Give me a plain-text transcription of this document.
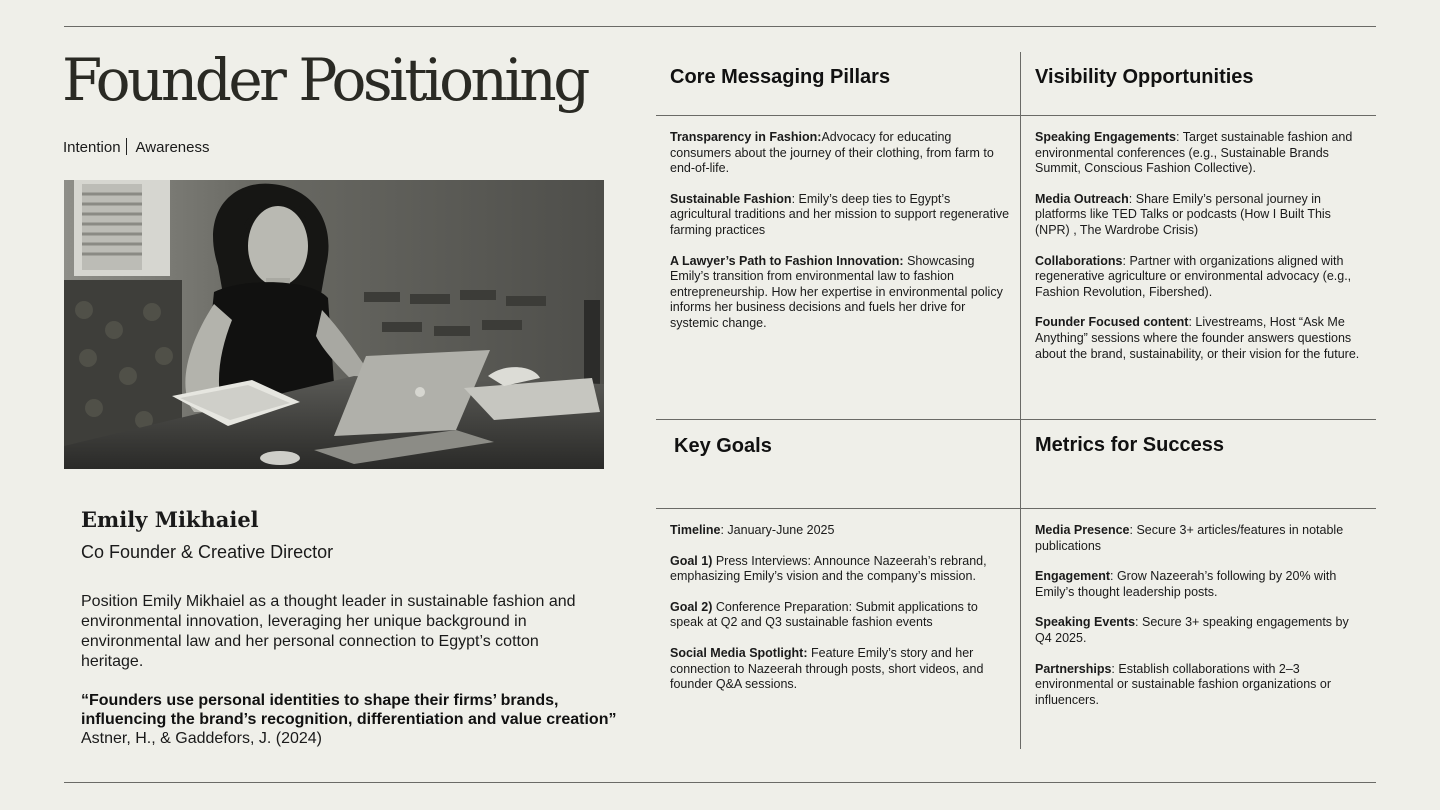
Founder Positioning
Intention Awareness
Emily Mikhaiel
Co Founder & Creative Director

Position Emily Mikhaiel as a thought leader in sustainable fashion and environmental innovation, leveraging her unique background in environmental law and her personal connection to Egypt’s cotton heritage.

“Founders use personal identities to shape their firms’ brands, influencing the brand’s recognition, differentiation and value creation”

Astner, H., & Gaddefors, J. (2024)
Core Messaging Pillars	Visibility Opportunities
Key Goals	Metrics for Success

Transparency in Fashion:Advocacy for educating consumers about the journey of their clothing, from farm to end-of-life.

Sustainable Fashion: Emily’s deep ties to Egypt’s agricultural traditions and her mission to support regenerative farming practices

A Lawyer’s Path to Fashion Innovation: Showcasing Emily’s transition from environmental law to fashion entrepreneurship. How her expertise in environmental policy informs her business decisions and fuels her drive for systemic change.

Speaking Engagements: Target sustainable fashion and environmental conferences (e.g., Sustainable Brands Summit, Conscious Fashion Collective).

Media Outreach: Share Emily’s personal journey in platforms like TED Talks or podcasts (How I Built This (NPR) , The Wardrobe Crisis)

Collaborations: Partner with organizations aligned with regenerative agriculture or environmental advocacy (e.g., Fashion Revolution, Fibershed).

Founder Focused content: Livestreams, Host “Ask Me Anything” sessions where the founder answers questions about the brand, sustainability, or their vision for the future.

Timeline: January-June 2025

Goal 1) Press Interviews: Announce Nazeerah’s rebrand, emphasizing Emily’s vision and the company’s mission.

Goal 2) Conference Preparation: Submit applications to speak at Q2 and Q3 sustainable fashion events

Social Media Spotlight: Feature Emily’s story and her connection to Nazeerah through posts, short videos, and founder Q&A sessions.

Media Presence: Secure 3+ articles/features in notable publications

Engagement: Grow Nazeerah’s following by 20% with Emily’s thought leadership posts.

Speaking Events: Secure 3+ speaking engagements by Q4 2025.

Partnerships: Establish collaborations with 2–3 environmental or sustainable fashion organizations or influencers.
